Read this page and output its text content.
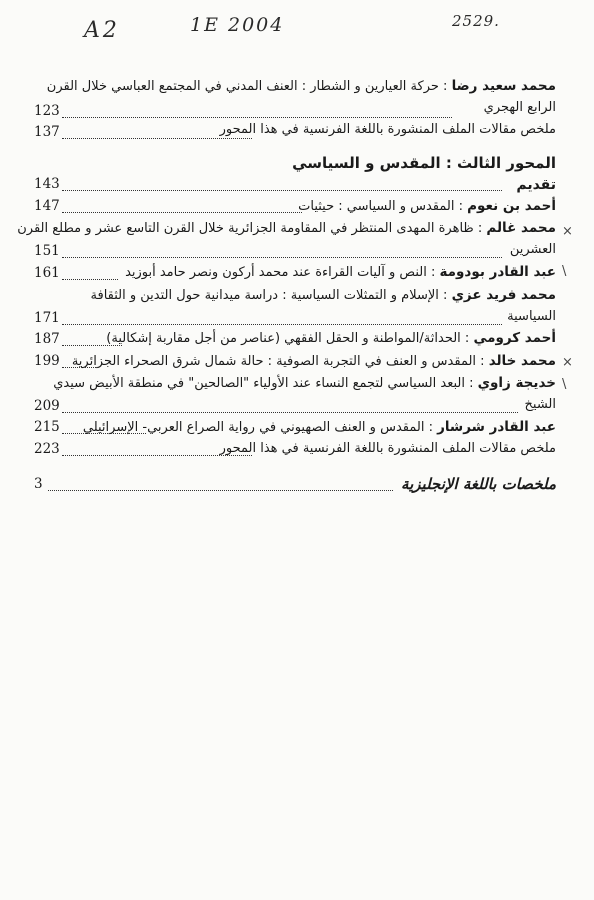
A2	1E 2004	2529.
محمد سعيد رضا : حركة العيارين و الشطار : العنف المدني في المجتمع العباسي خلال القرن
الرابع الهجري
123
ملخص مقالات الملف المنشورة باللغة الفرنسية في هذا المحور
137
المحور الثالث : المقدس و السياسي
تقديم
143
أحمد بن نعوم : المقدس و السياسي : حيثيات
147
محمد غالم : ظاهرة المهدى المنتظر في المقاومة الجزائرية خلال القرن التاسع عشر و مطلع القرن	×
العشرين
151
عبد القادر بودومة : النص و آليات القراءة عند محمد أركون ونصر حامد أبوزيد	\
161
محمد فريد عزي : الإسلام و التمثلات السياسية : دراسة ميدانية حول التدين و الثقافة
السياسية
171
أحمد كرومي : الحداثة/المواطنة و الحقل الفقهي (عناصر من أجل مقاربة إشكالية)
187
محمد خالد : المقدس و العنف في التجربة الصوفية : حالة شمال شرق الصحراء الجزائرية	×
199
خديجة زاوي : البعد السياسي لتجمع النساء عند الأولياء "الصالحين" في منطقة الأبيض سيدي	\
الشيخ
209
عبد القادر شرشار : المقدس و العنف الصهيوني في رواية الصراع العربي- الإسرائيلي
215
ملخص مقالات الملف المنشورة باللغة الفرنسية في هذا المحور
223
ملخصات باللغة الإنجليزية
3
